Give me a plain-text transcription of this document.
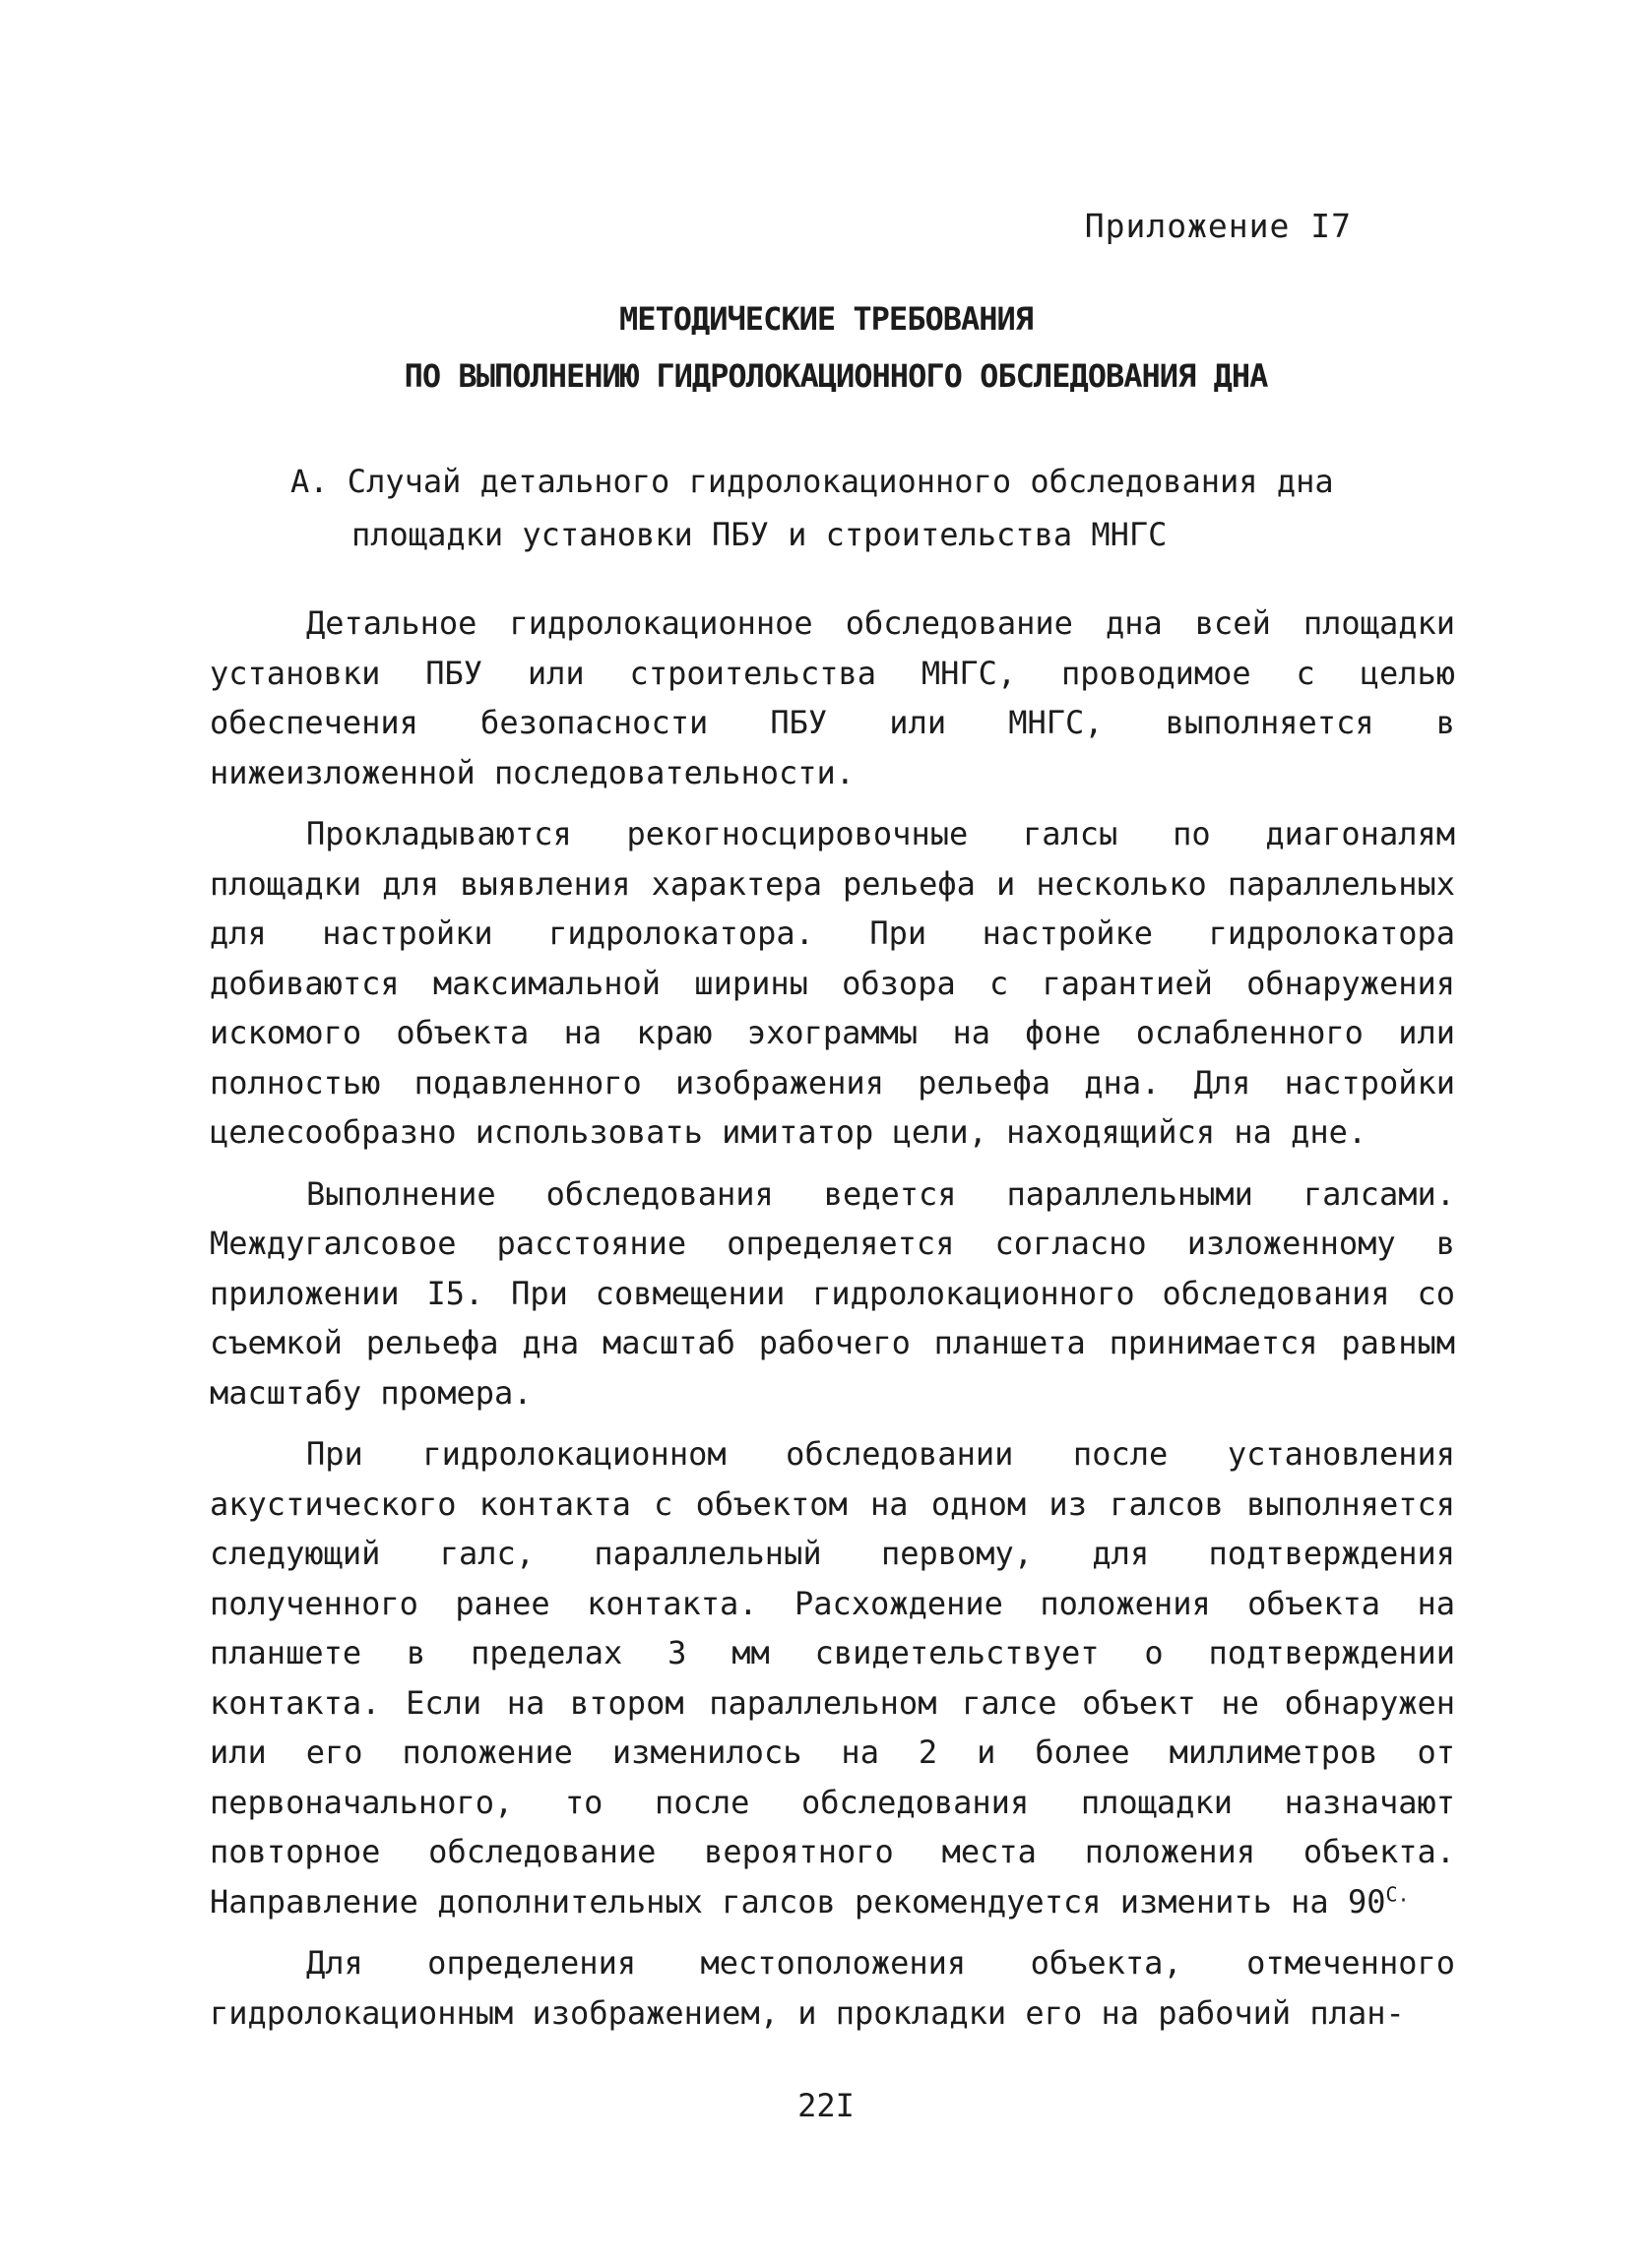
Приложение I7
МЕТОДИЧЕСКИЕ ТРЕБОВАНИЯ
ПО ВЫПОЛНЕНИЮ ГИДРОЛОКАЦИОННОГО ОБСЛЕДОВАНИЯ ДНА
А. Случай детального гидролокационного обследования дна
площадки установки ПБУ и строительства МНГС

Детальное гидролокационное обследование дна всей площадки установки ПБУ или строительства МНГС, проводимое с целью обеспечения безопасности ПБУ или МНГС, выполняется в нижеизложенной последовательности.

Прокладываются рекогносцировочные галсы по диагоналям площадки для выявления характера рельефа и несколько параллельных для настройки гидролокатора. При настройке гидролокатора добиваются максимальной ширины обзора с гарантией обнаружения искомого объекта на краю эхограммы на фоне ослабленного или полностью подавленного изображения рельефа дна. Для настройки целесообразно использовать имитатор цели, находящийся на дне.

Выполнение обследования ведется параллельными галсами. Междугалсовое расстояние определяется согласно изложенному в приложении I5. При совмещении гидролокационного обследования со съемкой рельефа дна масштаб рабочего планшета принимается равным масштабу промера.

При гидролокационном обследовании после установления акустического контакта с объектом на одном из галсов выполняется следующий галс, параллельный первому, для подтверждения полученного ранее контакта. Расхождение положения объекта на планшете в пределах 3 мм свидетельствует о подтверждении контакта. Если на втором параллельном галсе объект не обнаружен или его положение изменилось на 2 и более миллиметров от первоначального, то после обследования площадки назначают повторное обследование вероятного места положения объекта. Направление дополнительных галсов рекомендуется изменить на $90^{С.}$

Для определения местоположения объекта, отмеченного гидролокационным изображением, и прокладки его на рабочий план-

22I
